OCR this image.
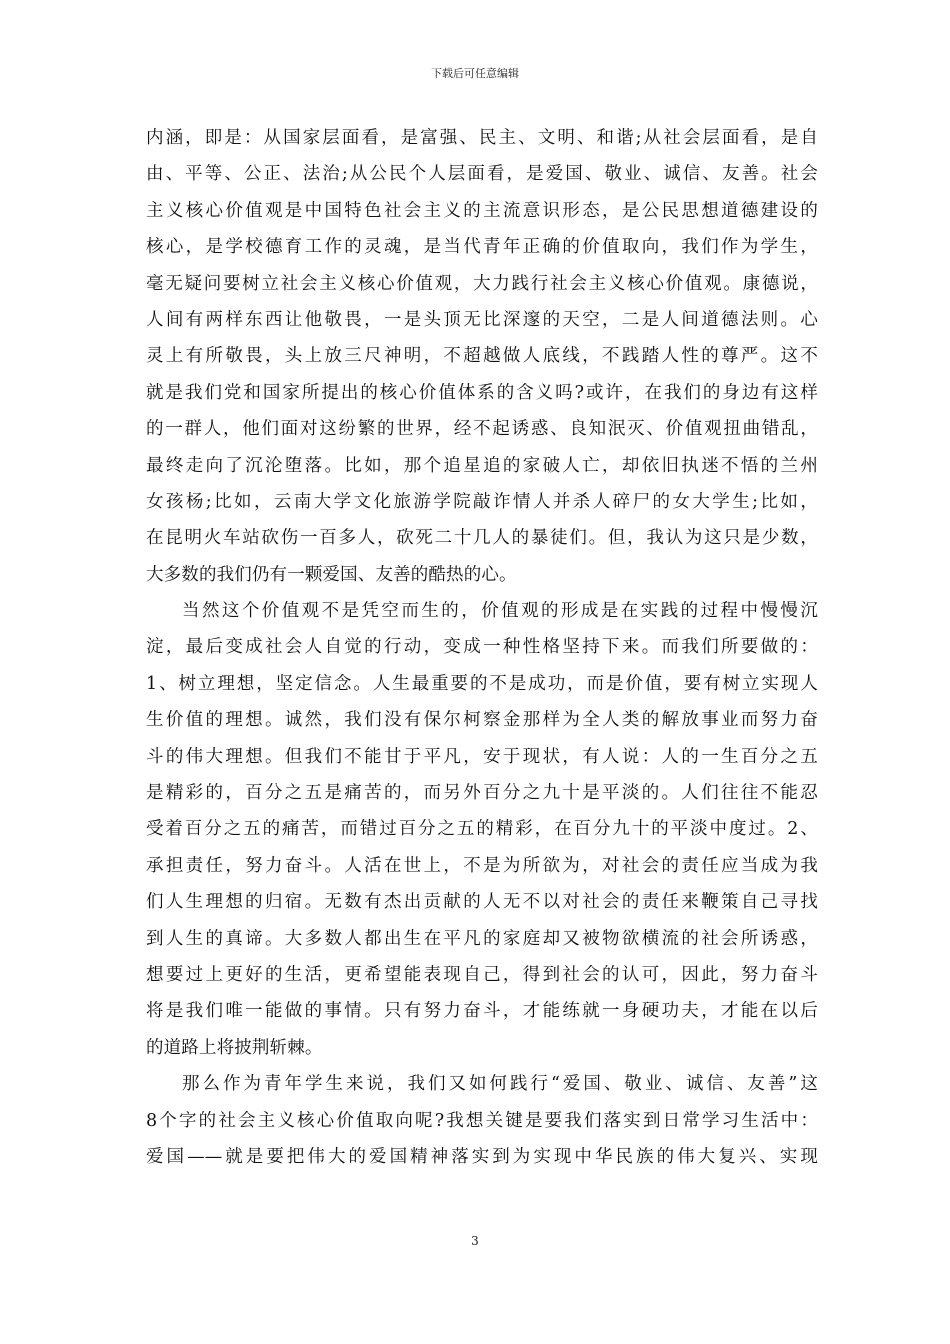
下载后可任意编辑
内涵，即是：从国家层面看，是富强、民主、文明、和谐;从社会层面看，是自
由、平等、公正、法治;从公民个人层面看，是爱国、敬业、诚信、友善。社会
主义核心价值观是中国特色社会主义的主流意识形态，是公民思想道德建设的
核心，是学校德育工作的灵魂，是当代青年正确的价值取向，我们作为学生，
毫无疑问要树立社会主义核心价值观，大力践行社会主义核心价值观。康德说，
人间有两样东西让他敬畏，一是头顶无比深邃的天空，二是人间道德法则。心
灵上有所敬畏，头上放三尺神明，不超越做人底线，不践踏人性的尊严。这不
就是我们党和国家所提出的核心价值体系的含义吗?或许，在我们的身边有这样
的一群人，他们面对这纷繁的世界，经不起诱惑、良知泯灭、价值观扭曲错乱，
最终走向了沉沦堕落。比如，那个追星追的家破人亡，却依旧执迷不悟的兰州
女孩杨;比如，云南大学文化旅游学院敲诈情人并杀人碎尸的女大学生;比如，
在昆明火车站砍伤一百多人，砍死二十几人的暴徒们。但，我认为这只是少数，
大多数的我们仍有一颗爱国、友善的酷热的心。
当然这个价值观不是凭空而生的，价值观的形成是在实践的过程中慢慢沉
淀，最后变成社会人自觉的行动，变成一种性格坚持下来。而我们所要做的：
1、树立理想，坚定信念。人生最重要的不是成功，而是价值，要有树立实现人
生价值的理想。诚然，我们没有保尔柯察金那样为全人类的解放事业而努力奋
斗的伟大理想。但我们不能甘于平凡，安于现状，有人说：人的一生百分之五
是精彩的，百分之五是痛苦的，而另外百分之九十是平淡的。人们往往不能忍
受着百分之五的痛苦，而错过百分之五的精彩，在百分九十的平淡中度过。2、
承担责任，努力奋斗。人活在世上，不是为所欲为，对社会的责任应当成为我
们人生理想的归宿。无数有杰出贡献的人无不以对社会的责任来鞭策自己寻找
到人生的真谛。大多数人都出生在平凡的家庭却又被物欲横流的社会所诱惑，
想要过上更好的生活，更希望能表现自己，得到社会的认可，因此，努力奋斗
将是我们唯一能做的事情。只有努力奋斗，才能练就一身硬功夫，才能在以后
的道路上将披荆斩棘。
那么作为青年学生来说，我们又如何践行“爱国、敬业、诚信、友善”这
8个字的社会主义核心价值取向呢?我想关键是要我们落实到日常学习生活中：
爱国——就是要把伟大的爱国精神落实到为实现中华民族的伟大复兴、实现
3
